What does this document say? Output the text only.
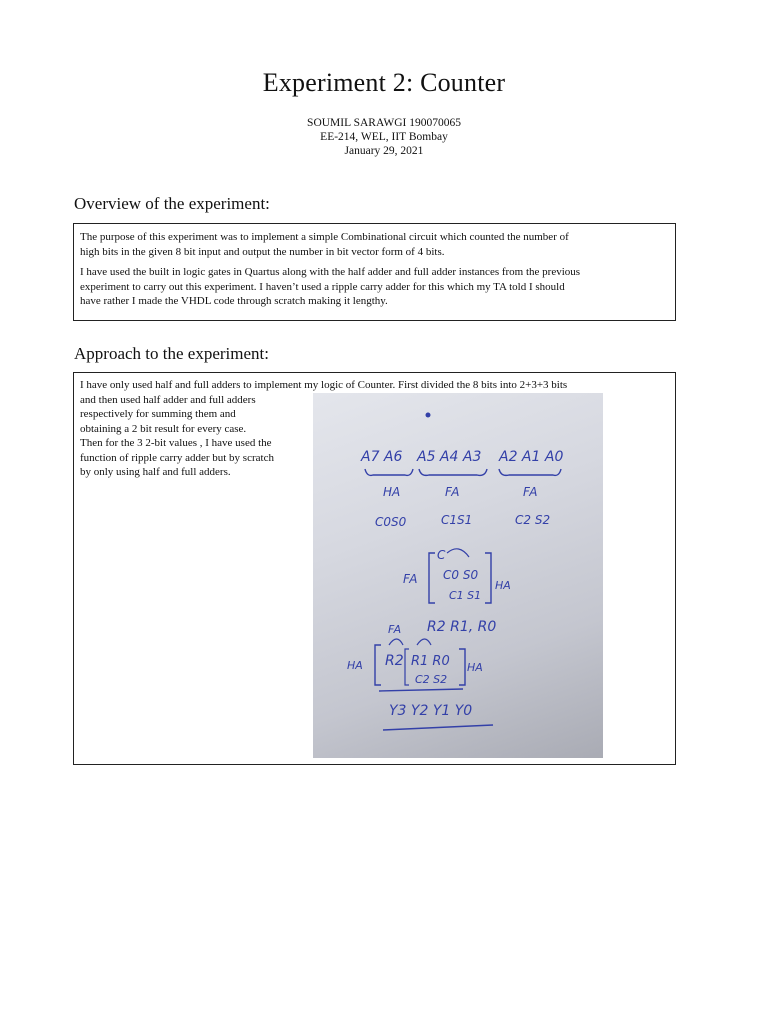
Experiment 2: Counter
SOUMIL SARAWGI 190070065
EE-214, WEL, IIT Bombay
January 29, 2021
Overview of the experiment:

The purpose of this experiment was to implement a simple Combinational circuit which counted the number of

high bits in the given 8 bit input and output the number in bit vector form of 4 bits.

I have used the built in logic gates in Quartus along with the half adder and full adder instances from the previous

experiment to carry out this experiment. I haven’t used a ripple carry adder for this which my TA told I should

have rather I made the VHDL code through scratch making it lengthy.

Approach to the experiment:

I have only used half and full adders to implement my logic of Counter. First divided the 8 bits into 2+3+3 bits

and then used half adder and full adders

respectively for summing them and

obtaining a 2 bit result for every case.

Then for the 3 2-bit values , I have used the

function of ripple carry adder but by scratch

by only using half and full adders.

A7 A6 A5 A4 A3 A2 A1 A0
HA	FA	FA
C0S0	C1S1	C2 S2
FA
C
C0 S0
C1 S1
HA
FA R2 R1, R0
HA R2 R1 R0
C2 S2
HA
Y3 Y2 Y1 Y0
